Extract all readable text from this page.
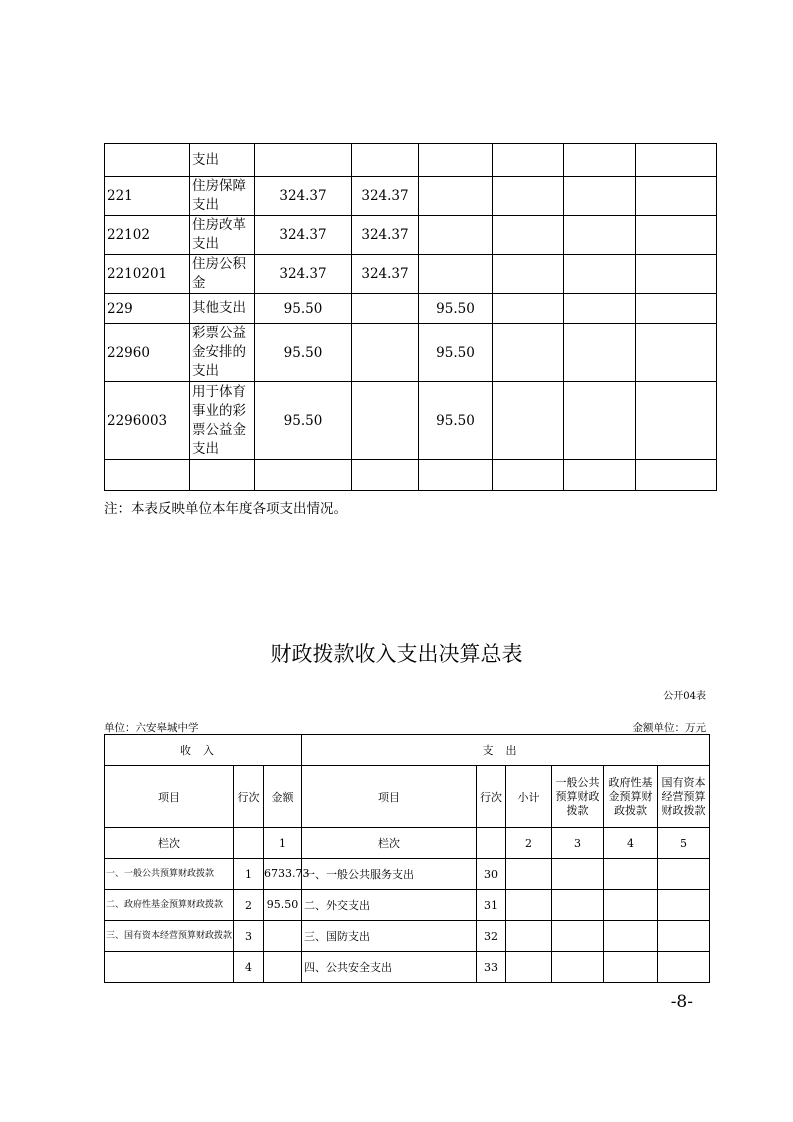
	支出						
221	住房保障支出	324.37	324.37				
22102	住房改革支出	324.37	324.37				
2210201	住房公积金	324.37	324.37				
229	其他支出	95.50		95.50			
22960	彩票公益金安排的支出	95.50		95.50			
2296003	用于体育事业的彩票公益金支出	95.50		95.50			

注：本表反映单位本年度各项支出情况。
财政拨款收入支出决算总表
公开04表
单位：六安皋城中学	金额单位：万元
收入			支出					
项目	行次	金额	项目	行次	小计	一般公共预算财政拨款	政府性基金预算财政拨款	国有资本经营预算财政拨款
栏次		1	栏次		2	3	4	5
一、一般公共预算财政拨款	1	6733.73	一、一般公共服务支出	30				
二、政府性基金预算财政拨款	2	95.50	二、外交支出	31				
三、国有资本经营预算财政拨款	3		三、国防支出	32				
	4		四、公共安全支出	33				
-8-
